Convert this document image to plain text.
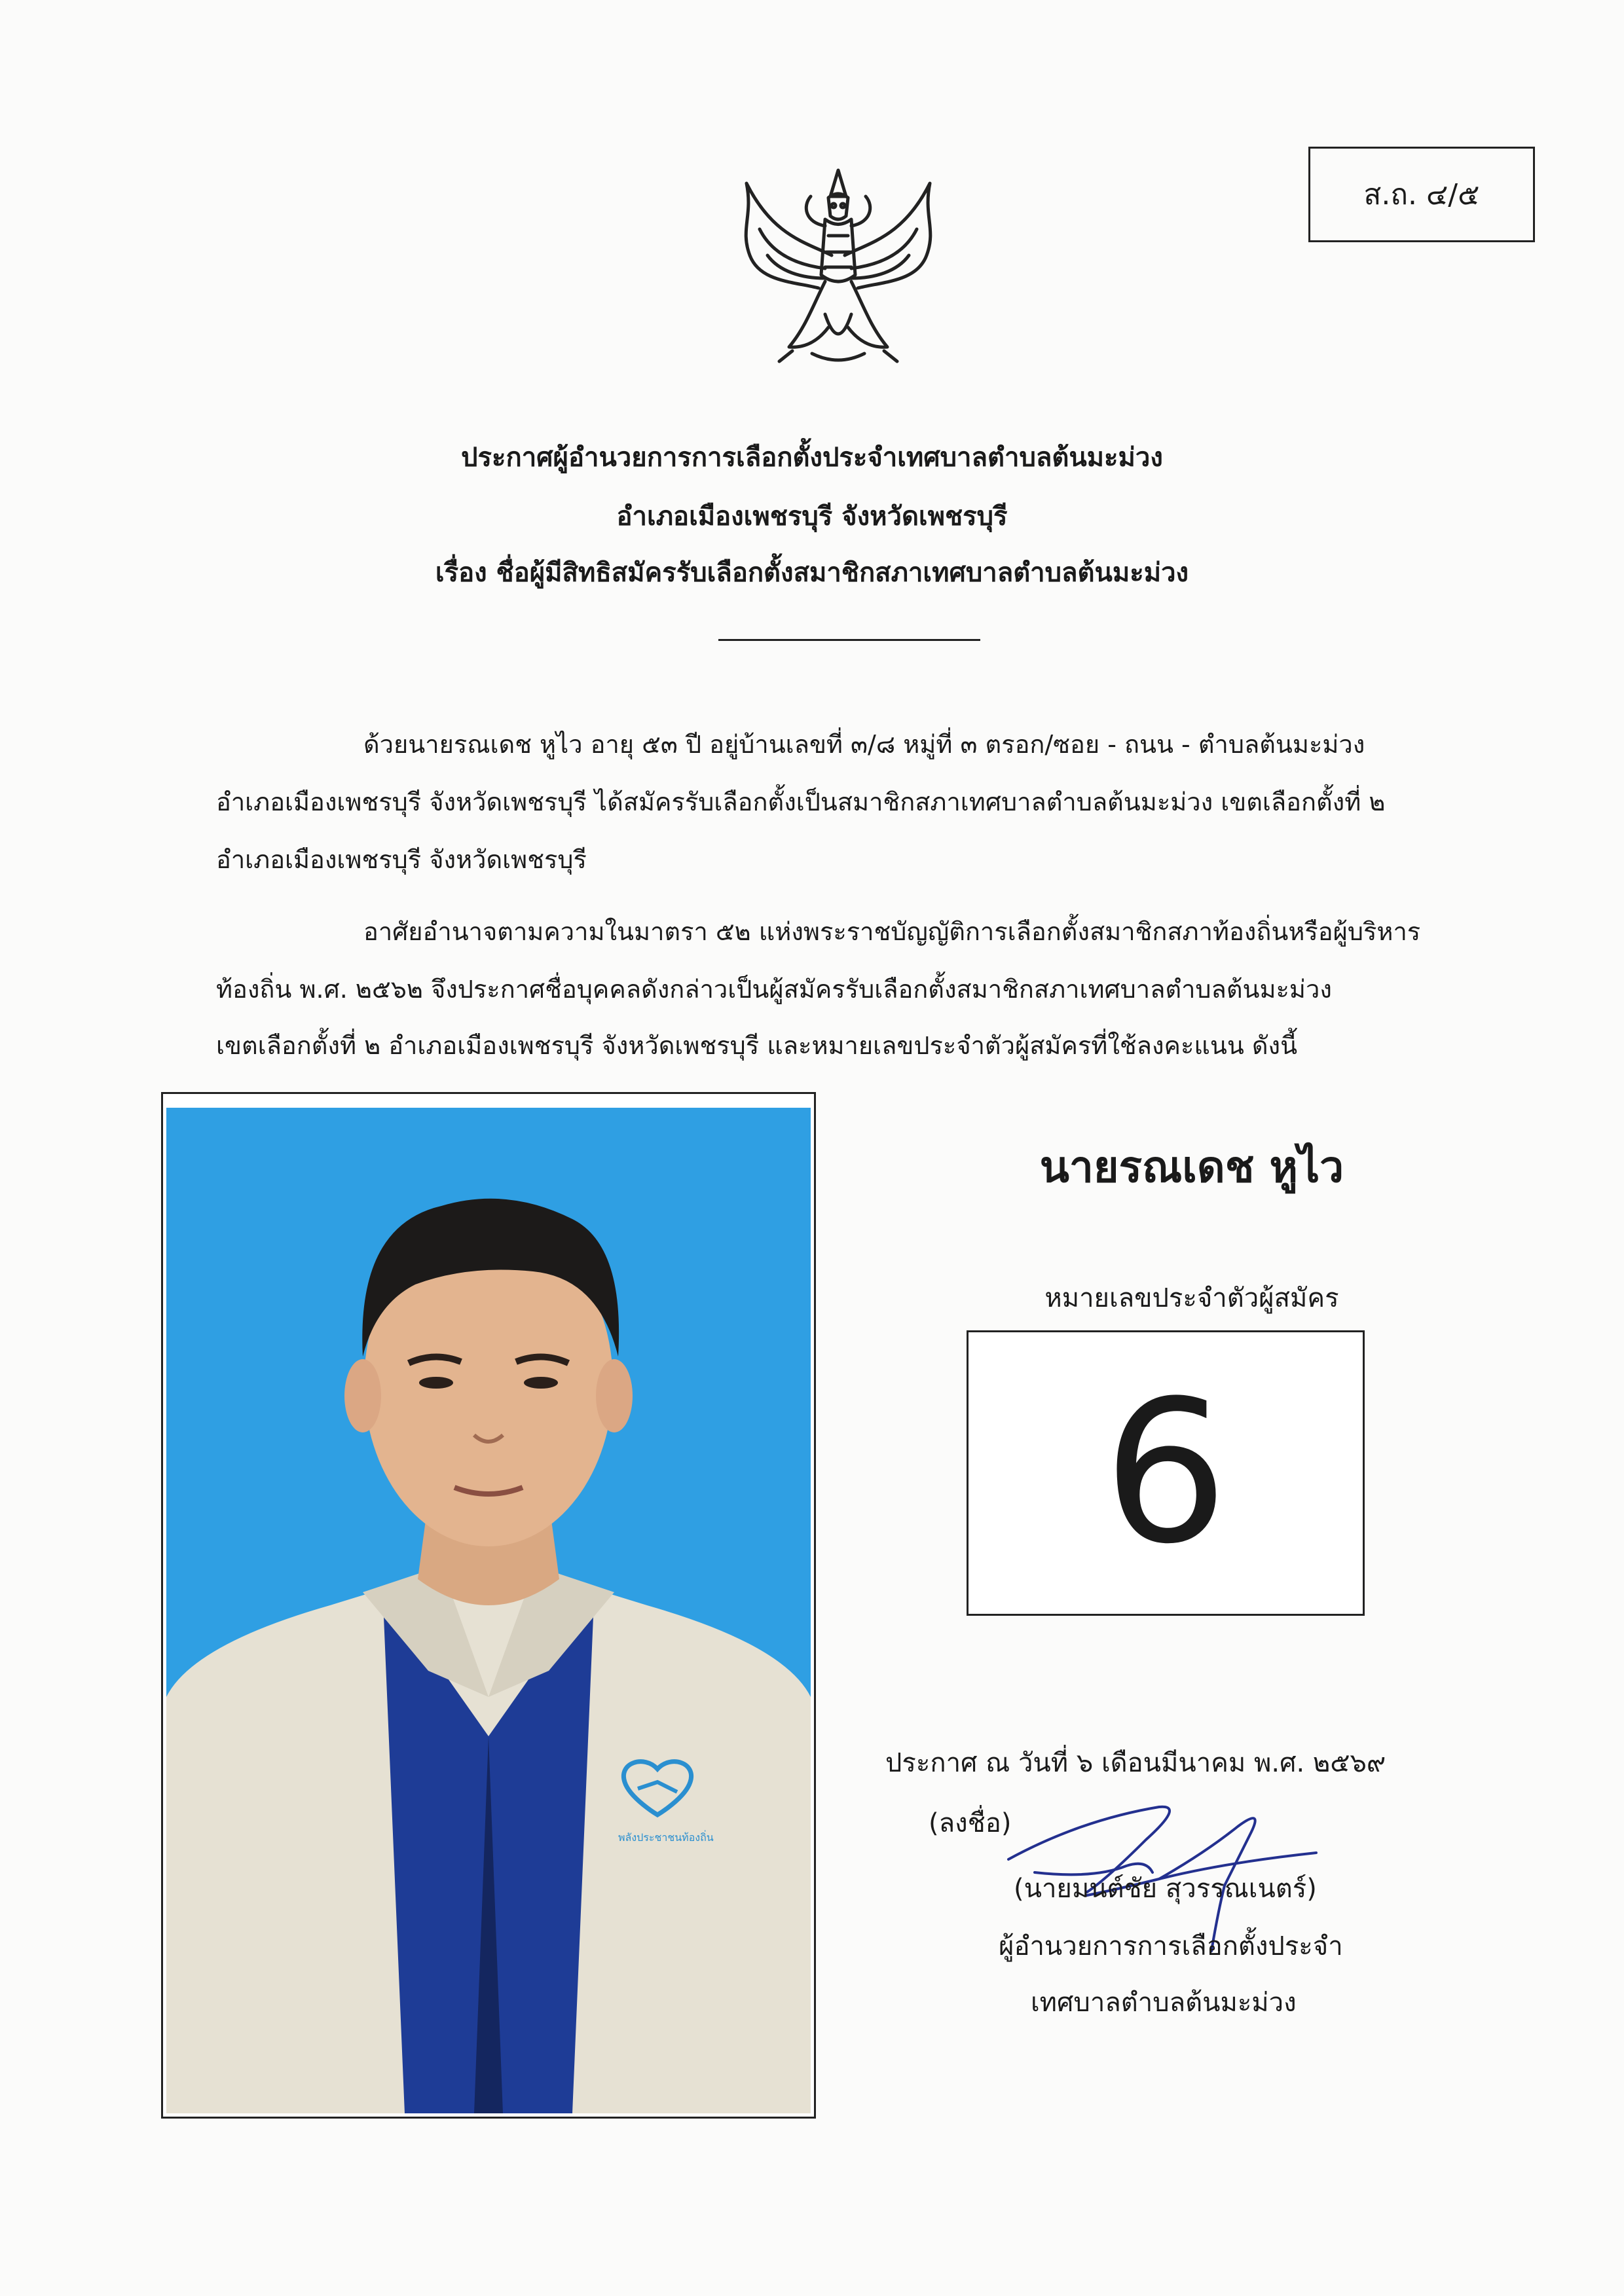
ส.ถ. ๔/๕
ประกาศผู้อำนวยการการเลือกตั้งประจำเทศบาลตำบลต้นมะม่วง
อำเภอเมืองเพชรบุรี จังหวัดเพชรบุรี
เรื่อง ชื่อผู้มีสิทธิสมัครรับเลือกตั้งสมาชิกสภาเทศบาลตำบลต้นมะม่วง
ด้วยนายรณเดช หูไว อายุ ๕๓ ปี อยู่บ้านเลขที่ ๓/๘ หมู่ที่ ๓ ตรอก/ซอย - ถนน - ตำบลต้นมะม่วง
อำเภอเมืองเพชรบุรี จังหวัดเพชรบุรี ได้สมัครรับเลือกตั้งเป็นสมาชิกสภาเทศบาลตำบลต้นมะม่วง เขตเลือกตั้งที่ ๒
อำเภอเมืองเพชรบุรี จังหวัดเพชรบุรี
อาศัยอำนาจตามความในมาตรา ๕๒ แห่งพระราชบัญญัติการเลือกตั้งสมาชิกสภาท้องถิ่นหรือผู้บริหาร
ท้องถิ่น พ.ศ. ๒๕๖๒ จึงประกาศชื่อบุคคลดังกล่าวเป็นผู้สมัครรับเลือกตั้งสมาชิกสภาเทศบาลตำบลต้นมะม่วง
เขตเลือกตั้งที่ ๒ อำเภอเมืองเพชรบุรี จังหวัดเพชรบุรี และหมายเลขประจำตัวผู้สมัครที่ใช้ลงคะแนน ดังนี้
พลังประชาชนท้องถิ่น
นายรณเดช หูไว
หมายเลขประจำตัวผู้สมัคร
6
ประกาศ ณ วันที่ ๖ เดือนมีนาคม พ.ศ. ๒๕๖๙
(ลงชื่อ)
(นายมนต์ชัย สุวรรณเนตร์)
ผู้อำนวยการการเลือกตั้งประจำ
เทศบาลตำบลต้นมะม่วง
